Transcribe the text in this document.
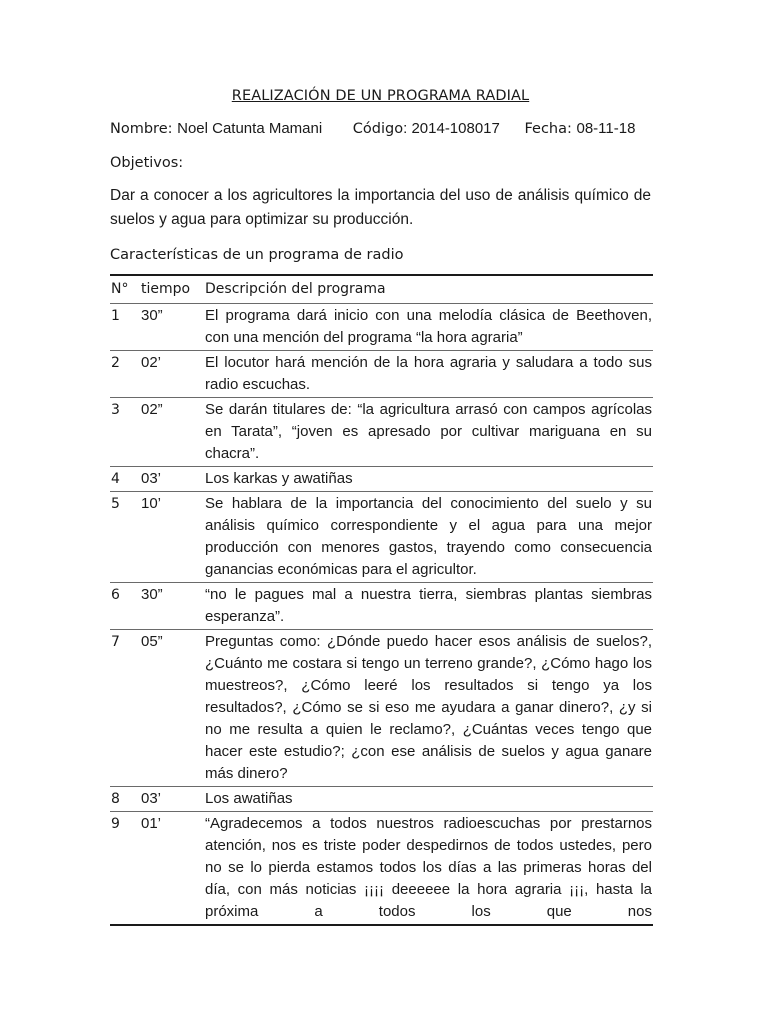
REALIZACIÓN DE UN PROGRAMA RADIAL
Nombre: Noel Catunta Mamani Código: 2014-108017 Fecha: 08-11-18
Objetivos:
Dar a conocer a los agricultores la importancia del uso de análisis químico de suelos y agua para optimizar su producción.
Características de un programa de radio
N°	tiempo	Descripción del programa
1	30”	El programa dará inicio con una melodía clásica de Beethoven, con una mención del programa “la hora agraria”
2	02’	El locutor hará mención de la hora agraria y saludara a todo sus radio escuchas.
3	02”	Se darán titulares de: “la agricultura arrasó con campos agrícolas en Tarata”, “joven es apresado por cultivar mariguana en su chacra”.
4	03’	Los karkas y awatiñas
5	10’	Se hablara de la importancia del conocimiento del suelo y su análisis químico correspondiente y el agua para una mejor producción con menores gastos, trayendo como consecuencia ganancias económicas para el agricultor.
6	30”	“no le pagues mal a nuestra tierra, siembras plantas siembras esperanza”.
7	05”	Preguntas como: ¿Dónde puedo hacer esos análisis de suelos?, ¿Cuánto me costara si tengo un terreno grande?, ¿Cómo hago los muestreos?, ¿Cómo leeré los resultados si tengo ya los resultados?, ¿Cómo se si eso me ayudara a ganar dinero?, ¿y si no me resulta a quien le reclamo?, ¿Cuántas veces tengo que hacer este estudio?; ¿con ese análisis de suelos y agua ganare más dinero?
8	03’	Los awatiñas
9	01’	“Agradecemos a todos nuestros radioescuchas por prestarnos atención, nos es triste poder despedirnos de todos ustedes, pero no se lo pierda estamos todos los días a las primeras horas del día, con más noticias ¡¡¡¡ deeeeee la hora agraria ¡¡¡, hasta la próxima a todos los que nos
